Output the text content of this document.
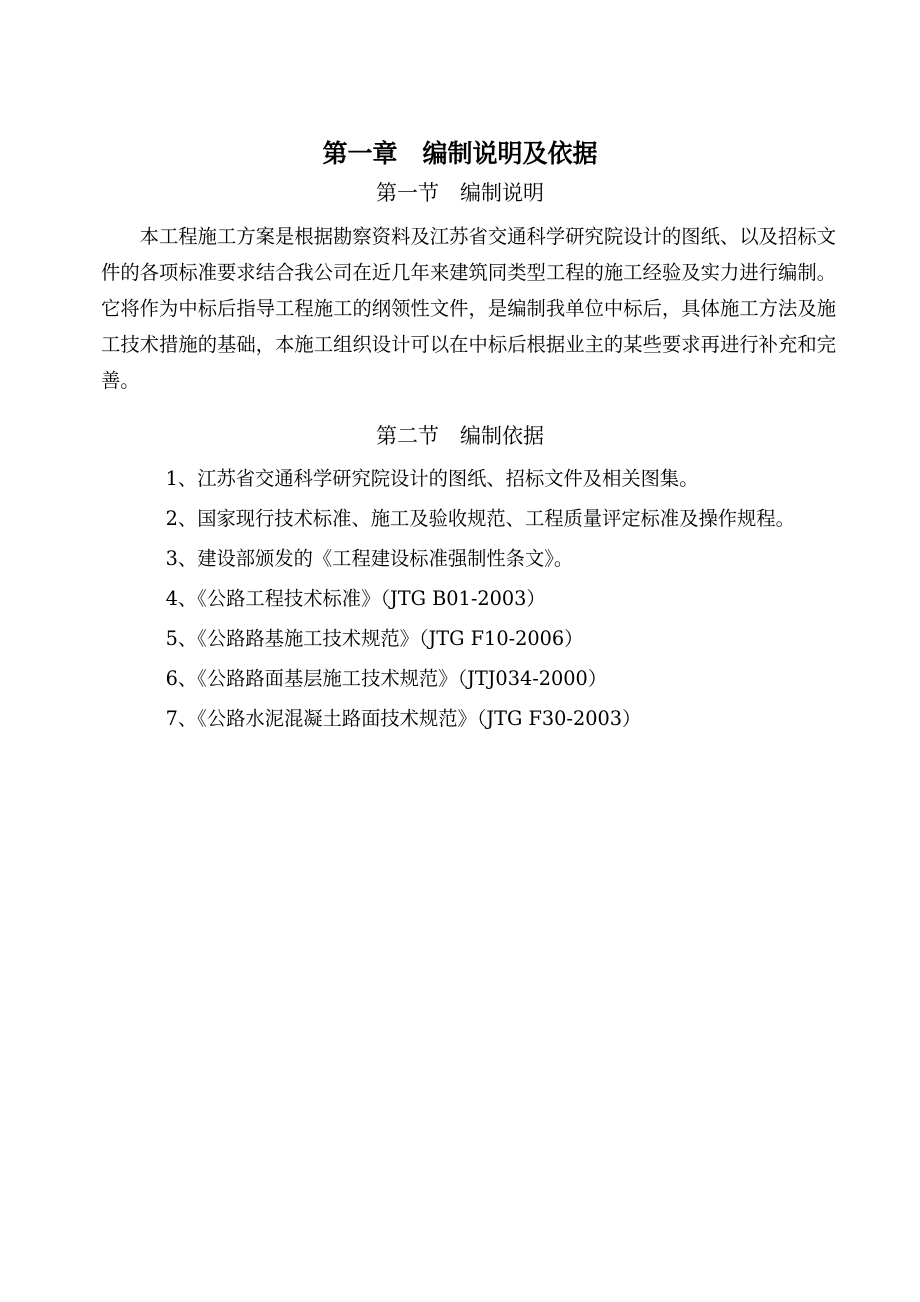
第一章　编制说明及依据
第一节　编制说明

本工程施工方案是根据勘察资料及江苏省交通科学研究院设计的图纸、以及招标文件的各项标准要求结合我公司在近几年来建筑同类型工程的施工经验及实力进行编制。它将作为中标后指导工程施工的纲领性文件，是编制我单位中标后，具体施工方法及施工技术措施的基础，本施工组织设计可以在中标后根据业主的某些要求再进行补充和完善。

第二节　编制依据
1、江苏省交通科学研究院设计的图纸、招标文件及相关图集。
2、国家现行技术标准、施工及验收规范、工程质量评定标准及操作规程。
3、建设部颁发的《工程建设标准强制性条文》。
4、《公路工程技术标准》（JTG B01-2003）
5、《公路路基施工技术规范》（JTG F10-2006）
6、《公路路面基层施工技术规范》（JTJ034-2000）
7、《公路水泥混凝土路面技术规范》（JTG F30-2003）
